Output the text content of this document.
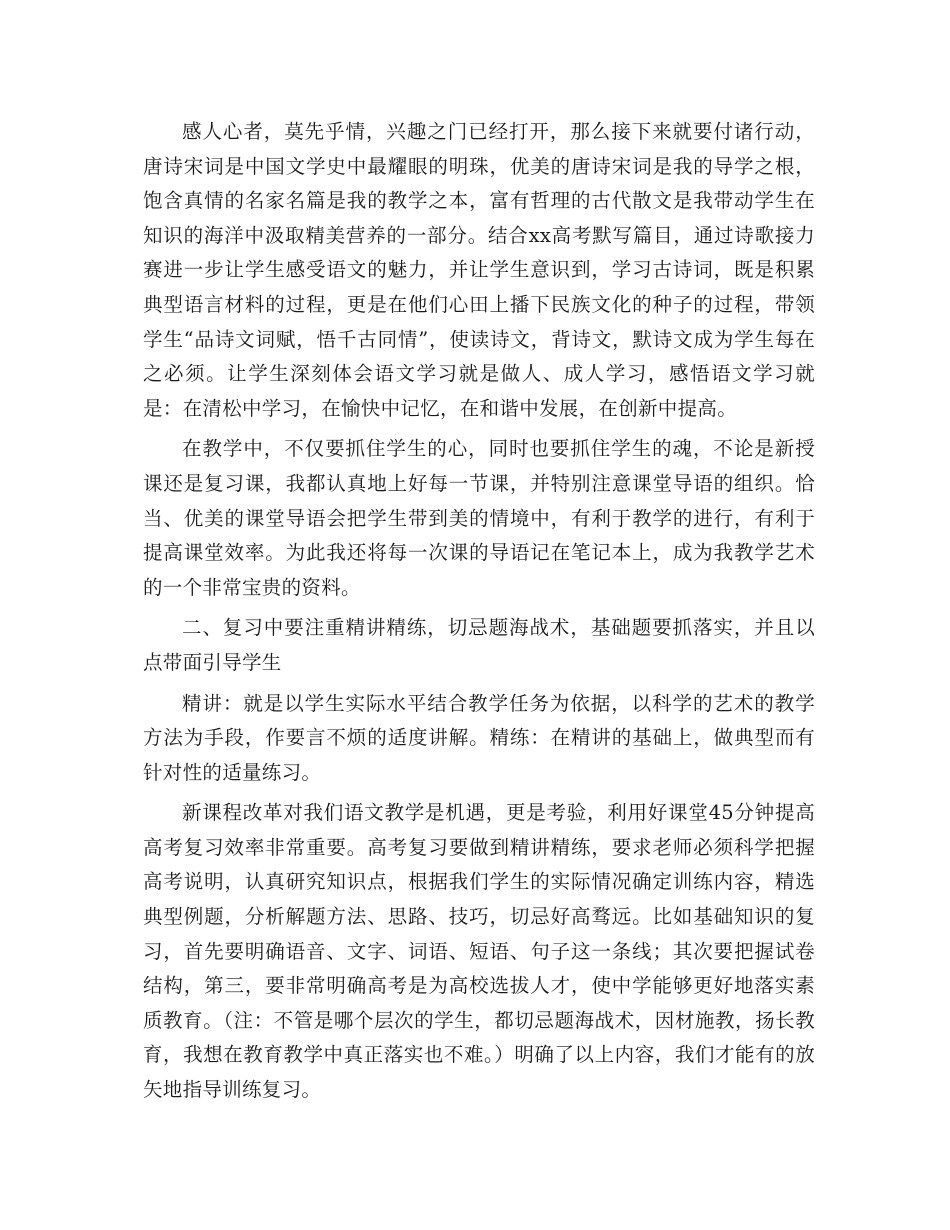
感人心者，莫先乎情，兴趣之门已经打开，那么接下来就要付诸行动，唐诗宋词是中国文学史中最耀眼的明珠，优美的唐诗宋词是我的导学之根，饱含真情的名家名篇是我的教学之本，富有哲理的古代散文是我带动学生在知识的海洋中汲取精美营养的一部分。结合xx高考默写篇目，通过诗歌接力赛进一步让学生感受语文的魅力，并让学生意识到，学习古诗词，既是积累典型语言材料的过程，更是在他们心田上播下民族文化的种子的过程，带领学生“品诗文词赋，悟千古同情”，使读诗文，背诗文，默诗文成为学生每在之必须。让学生深刻体会语文学习就是做人、成人学习，感悟语文学习就是：在清松中学习，在愉快中记忆，在和谐中发展，在创新中提高。

在教学中，不仅要抓住学生的心，同时也要抓住学生的魂，不论是新授课还是复习课，我都认真地上好每一节课，并特别注意课堂导语的组织。恰当、优美的课堂导语会把学生带到美的情境中，有利于教学的进行，有利于提高课堂效率。为此我还将每一次课的导语记在笔记本上，成为我教学艺术的一个非常宝贵的资料。

二、复习中要注重精讲精练，切忌题海战术，基础题要抓落实，并且以点带面引导学生

精讲：就是以学生实际水平结合教学任务为依据，以科学的艺术的教学方法为手段，作要言不烦的适度讲解。精练：在精讲的基础上，做典型而有针对性的适量练习。

新课程改革对我们语文教学是机遇，更是考验，利用好课堂45分钟提高高考复习效率非常重要。高考复习要做到精讲精练，要求老师必须科学把握高考说明，认真研究知识点，根据我们学生的实际情况确定训练内容，精选典型例题，分析解题方法、思路、技巧，切忌好高骛远。比如基础知识的复习，首先要明确语音、文字、词语、短语、句子这一条线；其次要把握试卷结构，第三，要非常明确高考是为高校选拔人才，使中学能够更好地落实素质教育。（注：不管是哪个层次的学生，都切忌题海战术，因材施教，扬长教育，我想在教育教学中真正落实也不难。）明确了以上内容，我们才能有的放矢地指导训练复习。
